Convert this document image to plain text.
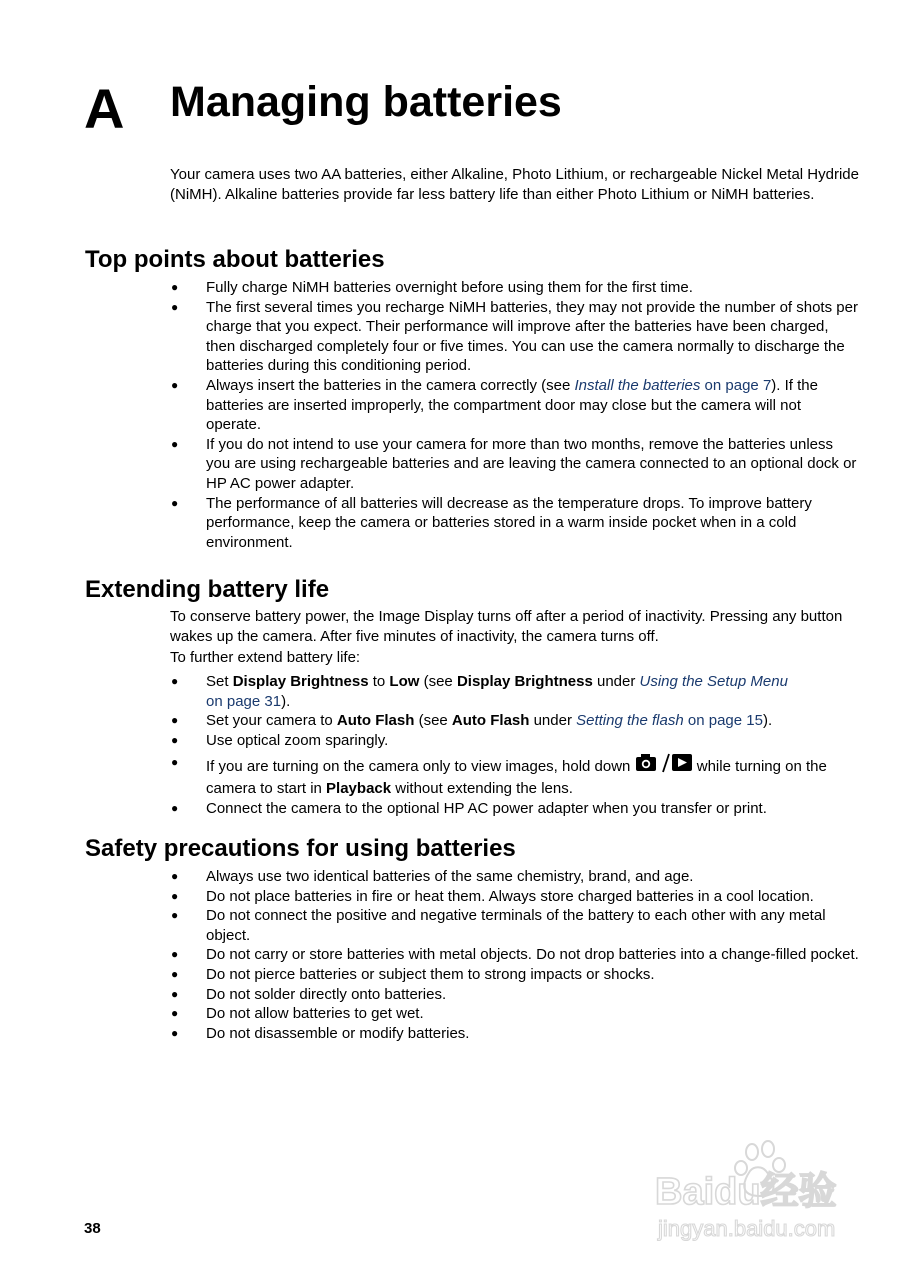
A Managing batteries

Your camera uses two AA batteries, either Alkaline, Photo Lithium, or rechargeable Nickel Metal Hydride (NiMH). Alkaline batteries provide far less battery life than either Photo Lithium or NiMH batteries.

Top points about batteries
● Fully charge NiMH batteries overnight before using them for the first time.
● The first several times you recharge NiMH batteries, they may not provide the number of shots per charge that you expect. Their performance will improve after the batteries have been charged, then discharged completely four or five times. You can use the camera normally to discharge the batteries during this conditioning period.
● Always insert the batteries in the camera correctly (see Install the batteries on page 7). If the batteries are inserted improperly, the compartment door may close but the camera will not operate.
● If you do not intend to use your camera for more than two months, remove the batteries unless you are using rechargeable batteries and are leaving the camera connected to an optional dock or HP AC power adapter.
● The performance of all batteries will decrease as the temperature drops. To improve battery performance, keep the camera or batteries stored in a warm inside pocket when in a cold environment.
Extending battery life

To conserve battery power, the Image Display turns off after a period of inactivity. Pressing any button wakes up the camera. After five minutes of inactivity, the camera turns off.

To further extend battery life:

● Set Display Brightness to Low (see Display Brightness under Using the Setup Menu
on page 31).
● Set your camera to Auto Flash (see Auto Flash under Setting the flash on page 15).
● Use optical zoom sparingly.
● If you are turning on the camera only to view images, hold down	while turning on the camera to start in Playback without extending the lens.
● Connect the camera to the optional HP AC power adapter when you transfer or print.
Safety precautions for using batteries
● Always use two identical batteries of the same chemistry, brand, and age.
● Do not place batteries in fire or heat them. Always store charged batteries in a cool location.
● Do not connect the positive and negative terminals of the battery to each other with any metal object.
● Do not carry or store batteries with metal objects. Do not drop batteries into a change-filled pocket.
● Do not pierce batteries or subject them to strong impacts or shocks.
● Do not solder directly onto batteries.
● Do not allow batteries to get wet.
● Do not disassemble or modify batteries.
38
Baidu经验
jingyan.baidu.com
